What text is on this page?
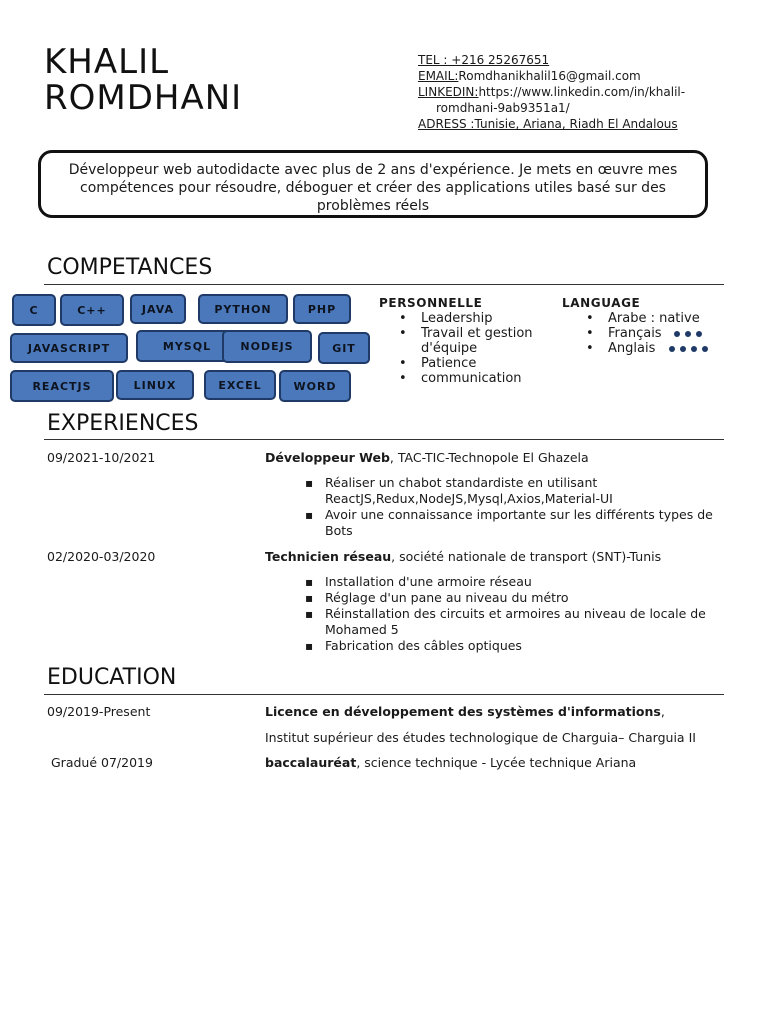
KHALIL
ROMDHANI
TEL : +216 25267651
EMAIL:Romdhanikhalil16@gmail.com
LINKEDIN:https://www.linkedin.com/in/khalil-
romdhani-9ab9351a1/
ADRESS :Tunisie, Ariana, Riadh El Andalous

Développeur web autodidacte avec plus de 2 ans d'expérience. Je mets en œuvre mes compétences pour résoudre, déboguer et créer des applications utiles basé sur des problèmes réels

COMPETANCES
C	C++	JAVA	PYTHON	PHP
JAVASCRIPT	MYSQL	NODEJS	GIT
REACTJS	LINUX	EXCEL	WORD
PERSONNELLE
• Leadership
• Travail et gestion
d'équipe
• Patience
• communication
LANGUAGE
• Arabe : native
• Français
• Anglais
EXPERIENCES
09/2021-10/2021	Développeur Web, TAC-TIC-Technopole El Ghazela
▪ Réaliser un chabot standardiste en utilisant ReactJS,Redux,NodeJS,Mysql,Axios,Material-UI
▪ Avoir une connaissance importante sur les différents types de Bots
02/2020-03/2020	Technicien réseau, société nationale de transport (SNT)-Tunis
▪ Installation d'une armoire réseau
▪ Réglage d'un pane au niveau du métro
▪ Réinstallation des circuits et armoires au niveau de locale de Mohamed 5
▪ Fabrication des câbles optiques
EDUCATION
09/2019-Present	Licence en développement des systèmes d'informations,
Institut supérieur des études technologique de Charguia– Charguia II
Gradué 07/2019	baccalauréat, science technique - Lycée technique Ariana
